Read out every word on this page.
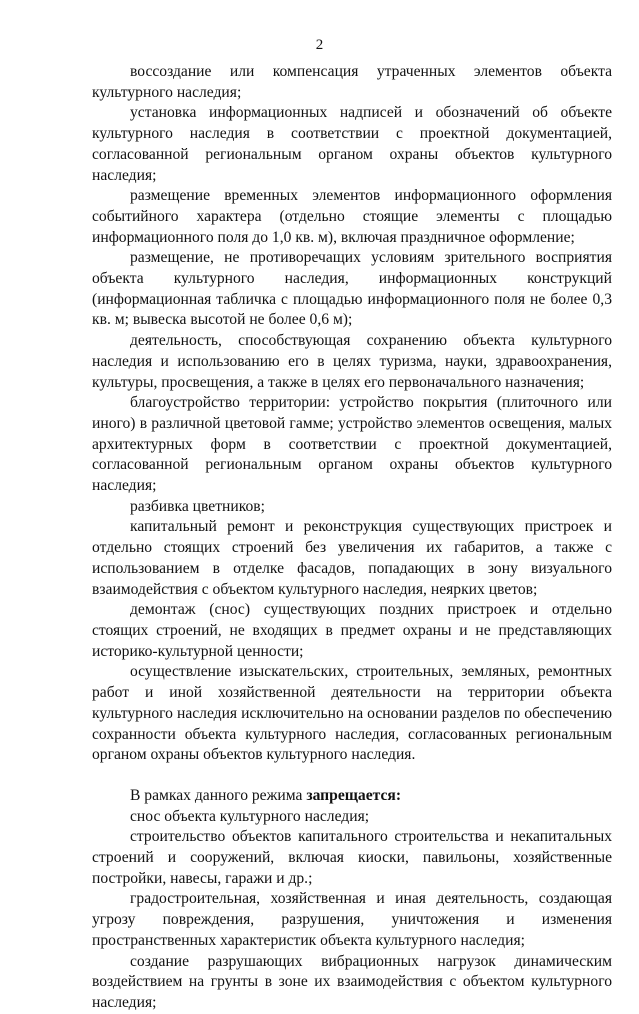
2

воссоздание или компенсация утраченных элементов объекта культурного наследия;

установка информационных надписей и обозначений об объекте культурного наследия в соответствии с проектной документацией, согласованной региональным органом охраны объектов культурного наследия;

размещение временных элементов информационного оформления событийного характера (отдельно стоящие элементы с площадью информационного поля до 1,0 кв. м), включая праздничное оформление;

размещение, не противоречащих условиям зрительного восприятия объекта культурного наследия, информационных конструкций (информационная табличка с площадью информационного поля не более 0,3 кв. м; вывеска высотой не более 0,6 м);

деятельность, способствующая сохранению объекта культурного наследия и использованию его в целях туризма, науки, здравоохранения, культуры, просвещения, а также в целях его первоначального назначения;

благоустройство территории: устройство покрытия (плиточного или иного) в различной цветовой гамме; устройство элементов освещения, малых архитектурных форм в соответствии с проектной документацией, согласованной региональным органом охраны объектов культурного наследия;

разбивка цветников;

капитальный ремонт и реконструкция существующих пристроек и отдельно стоящих строений без увеличения их габаритов, а также с использованием в отделке фасадов, попадающих в зону визуального взаимодействия с объектом культурного наследия, неярких цветов;

демонтаж (снос) существующих поздних пристроек и отдельно стоящих строений, не входящих в предмет охраны и не представляющих историко-культурной ценности;

осуществление изыскательских, строительных, земляных, ремонтных работ и иной хозяйственной деятельности на территории объекта культурного наследия исключительно на основании разделов по обеспечению сохранности объекта культурного наследия, согласованных региональным органом охраны объектов культурного наследия.

В рамках данного режима запрещается:

снос объекта культурного наследия;

строительство объектов капитального строительства и некапитальных строений и сооружений, включая киоски, павильоны, хозяйственные постройки, навесы, гаражи и др.;

градостроительная, хозяйственная и иная деятельность, создающая угрозу повреждения, разрушения, уничтожения и изменения пространственных характеристик объекта культурного наследия;

создание разрушающих вибрационных нагрузок динамическим воздействием на грунты в зоне их взаимодействия с объектом культурного наследия;
